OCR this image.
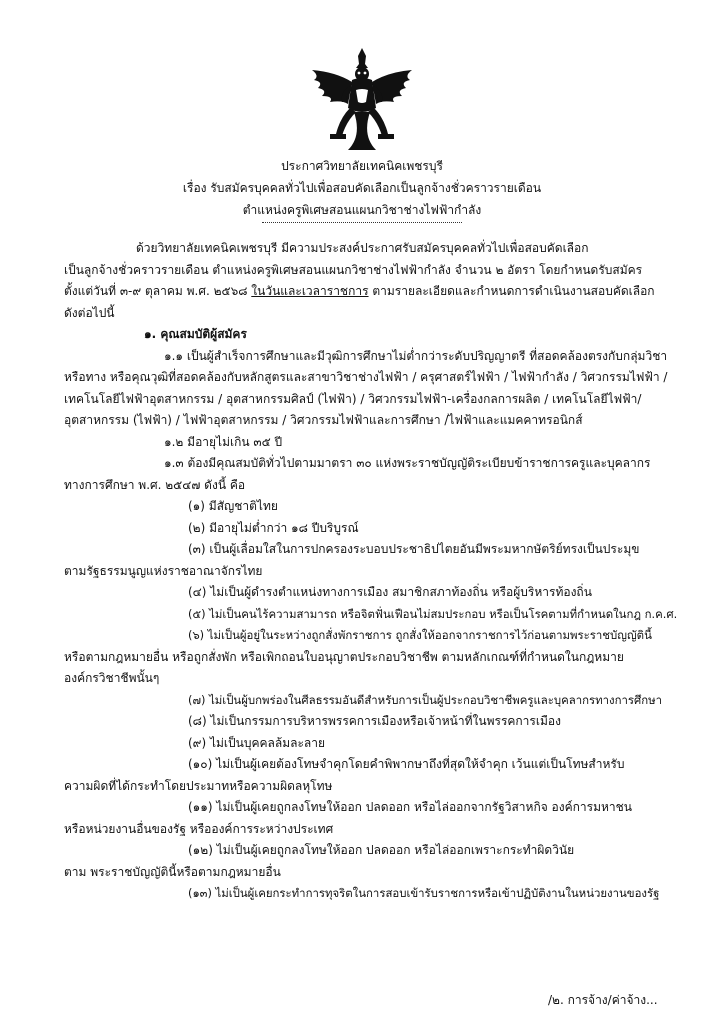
ประกาศวิทยาลัยเทคนิคเพชรบุรี
เรื่อง รับสมัครบุคคลทั่วไปเพื่อสอบคัดเลือกเป็นลูกจ้างชั่วคราวรายเดือน
ตำแหน่งครูพิเศษสอนแผนกวิชาช่างไฟฟ้ากำลัง
ด้วยวิทยาลัยเทคนิคเพชรบุรี มีความประสงค์ประกาศรับสมัครบุคคลทั่วไปเพื่อสอบคัดเลือก
เป็นลูกจ้างชั่วคราวรายเดือน ตำแหน่งครูพิเศษสอนแผนกวิชาช่างไฟฟ้ากำลัง จำนวน ๒ อัตรา โดยกำหนดรับสมัคร
ตั้งแต่วันที่ ๓-๙ ตุลาคม พ.ศ. ๒๕๖๘ ในวันและเวลาราชการ ตามรายละเอียดและกำหนดการดำเนินงานสอบคัดเลือก
ดังต่อไปนี้
๑. คุณสมบัติผู้สมัคร
๑.๑ เป็นผู้สำเร็จการศึกษาและมีวุฒิการศึกษาไม่ต่ำกว่าระดับปริญญาตรี ที่สอดคล้องตรงกับกลุ่มวิชา
หรือทาง หรือคุณวุฒิที่สอดคล้องกับหลักสูตรและสาขาวิชาช่างไฟฟ้า / ครุศาสตร์ไฟฟ้า / ไฟฟ้ากำลัง / วิศวกรรมไฟฟ้า /
เทคโนโลยีไฟฟ้าอุตสาหกรรม / อุตสาหกรรมศิลป์ (ไฟฟ้า) / วิศวกรรมไฟฟ้า-เครื่องกลการผลิต / เทคโนโลยีไฟฟ้า/
อุตสาหกรรม (ไฟฟ้า) / ไฟฟ้าอุตสาหกรรม / วิศวกรรมไฟฟ้าและการศึกษา /ไฟฟ้าและแมคคาทรอนิกส์
๑.๒ มีอายุไม่เกิน ๓๕ ปี
๑.๓ ต้องมีคุณสมบัติทั่วไปตามมาตรา ๓๐ แห่งพระราชบัญญัติระเบียบข้าราชการครูและบุคลากร
ทางการศึกษา พ.ศ. ๒๕๔๗ ดังนี้ คือ
(๑) มีสัญชาติไทย
(๒) มีอายุไม่ต่ำกว่า ๑๘ ปีบริบูรณ์
(๓) เป็นผู้เลื่อมใสในการปกครองระบอบประชาธิปไตยอันมีพระมหากษัตริย์ทรงเป็นประมุข
ตามรัฐธรรมนูญแห่งราชอาณาจักรไทย
(๔) ไม่เป็นผู้ดำรงตำแหน่งทางการเมือง สมาชิกสภาท้องถิ่น หรือผู้บริหารท้องถิ่น
(๕) ไม่เป็นคนไร้ความสามารถ หรือจิตฟั่นเฟือนไม่สมประกอบ หรือเป็นโรคตามที่กำหนดในกฎ ก.ค.ศ.
(๖) ไม่เป็นผู้อยู่ในระหว่างถูกสั่งพักราชการ ถูกสั่งให้ออกจากราชการไว้ก่อนตามพระราชบัญญัตินี้
หรือตามกฎหมายอื่น หรือถูกสั่งพัก หรือเพิกถอนใบอนุญาตประกอบวิชาชีพ ตามหลักเกณฑ์ที่กำหนดในกฎหมาย
องค์กรวิชาชีพนั้นๆ
(๗) ไม่เป็นผู้บกพร่องในศีลธรรมอันดีสำหรับการเป็นผู้ประกอบวิชาชีพครูและบุคลากรทางการศึกษา
(๘) ไม่เป็นกรรมการบริหารพรรคการเมืองหรือเจ้าหน้าที่ในพรรคการเมือง
(๙) ไม่เป็นบุคคลล้มละลาย
(๑๐) ไม่เป็นผู้เคยต้องโทษจำคุกโดยคำพิพากษาถึงที่สุดให้จำคุก เว้นแต่เป็นโทษสำหรับ
ความผิดที่ได้กระทำโดยประมาทหรือความผิดลหุโทษ
(๑๑) ไม่เป็นผู้เคยถูกลงโทษให้ออก ปลดออก หรือไล่ออกจากรัฐวิสาหกิจ องค์การมหาชน
หรือหน่วยงานอื่นของรัฐ หรือองค์การระหว่างประเทศ
(๑๒) ไม่เป็นผู้เคยถูกลงโทษให้ออก ปลดออก หรือไล่ออกเพราะกระทำผิดวินัย
ตาม พระราชบัญญัตินี้หรือตามกฎหมายอื่น
(๑๓) ไม่เป็นผู้เคยกระทำการทุจริตในการสอบเข้ารับราชการหรือเข้าปฏิบัติงานในหน่วยงานของรัฐ
/๒. การจ้าง/ค่าจ้าง...
